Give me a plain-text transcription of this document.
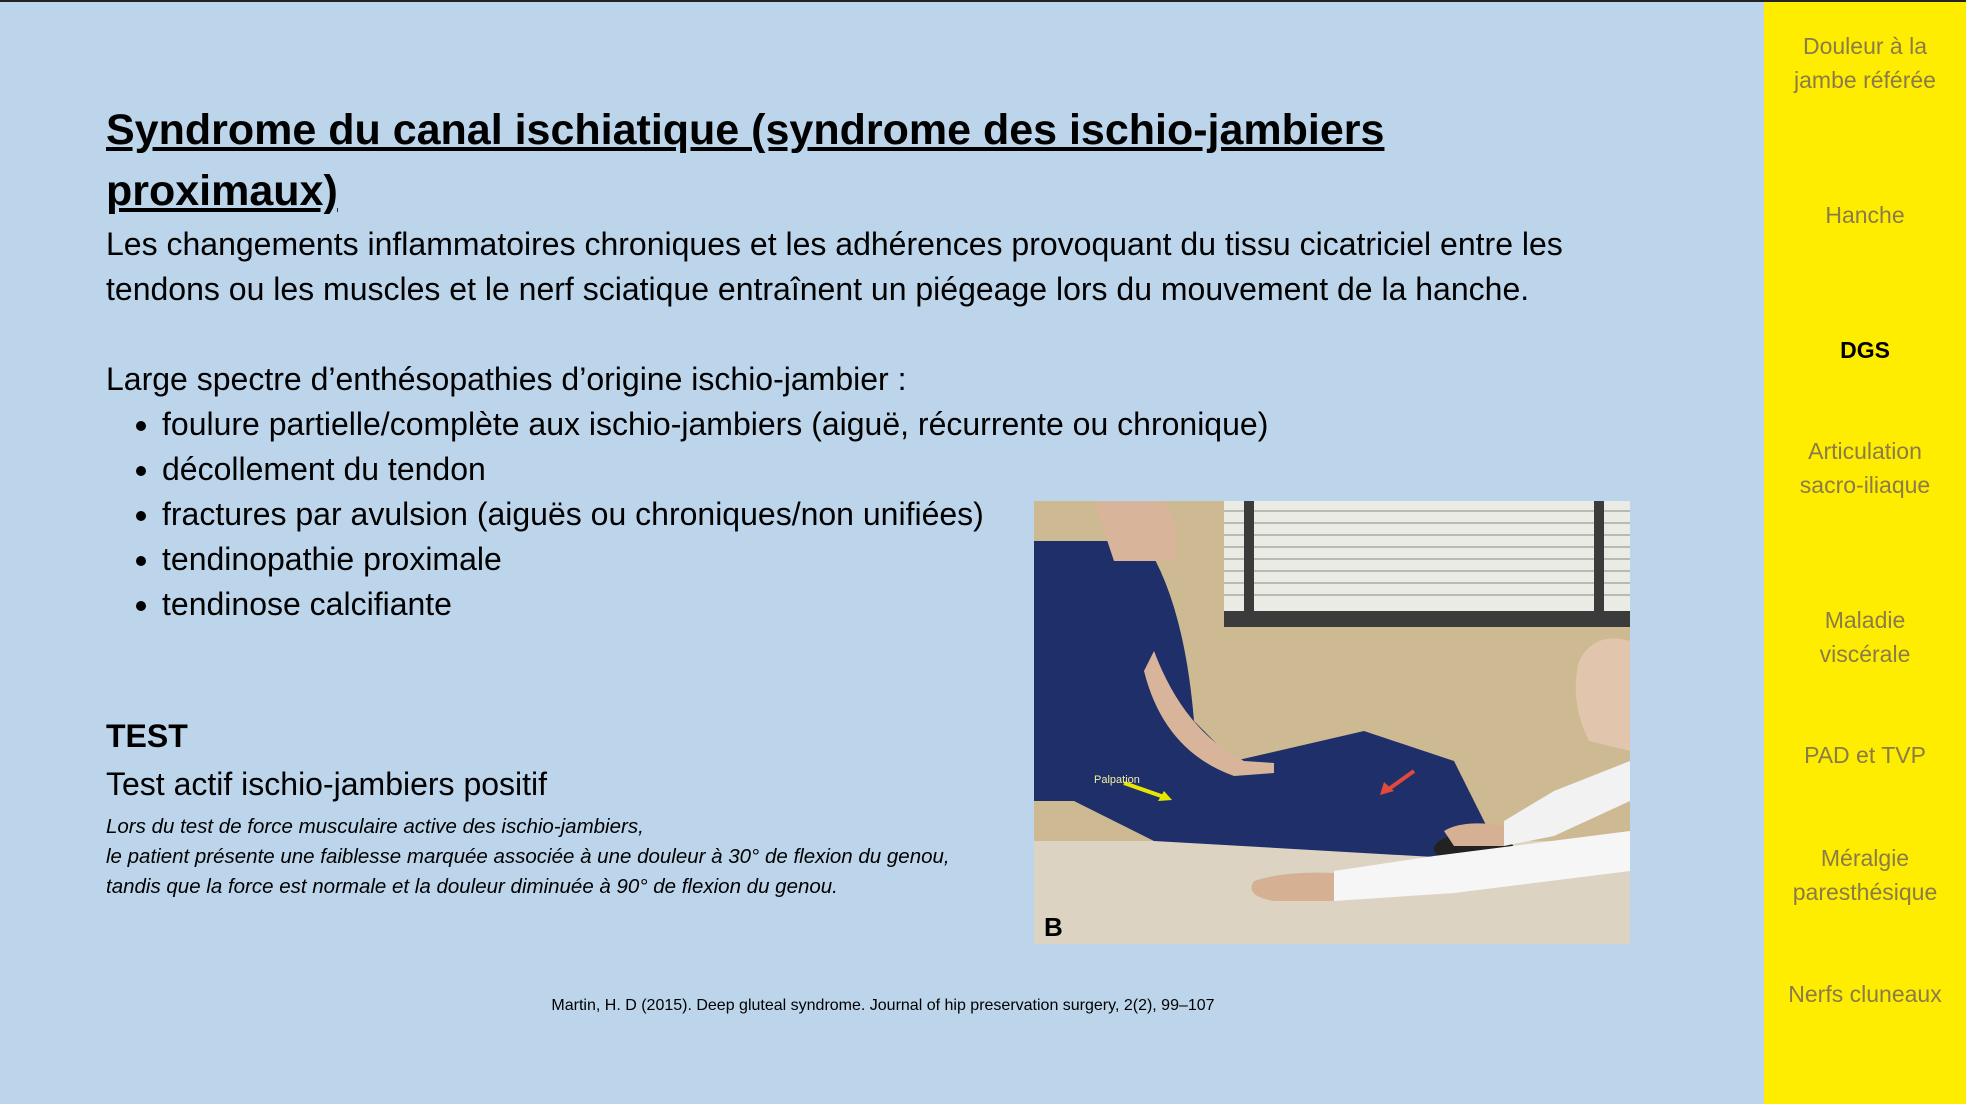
Syndrome du canal ischiatique (syndrome des ischio-jambiers proximaux)

Les changements inflammatoires chroniques et les adhérences provoquant du tissu cicatriciel entre les tendons ou les muscles et le nerf sciatique entraînent un piégeage lors du mouvement de la hanche.

Large spectre d’enthésopathies d’origine ischio-jambier :

• foulure partielle/complète aux ischio-jambiers (aiguë, récurrente ou chronique)
• décollement du tendon
• fractures par avulsion (aiguës ou chroniques/non unifiées)
• tendinopathie proximale
• tendinose calcifiante
TEST
Test actif ischio-jambiers positif
Lors du test de force musculaire active des ischio-jambiers,
le patient présente une faiblesse marquée associée à une douleur à 30° de flexion du genou,
tandis que la force est normale et la douleur diminuée à 90° de flexion du genou.
Palpation
B
Martin, H. D (2015). Deep gluteal syndrome. Journal of hip preservation surgery, 2(2), 99–107
Douleur à la
jambe référée
Hanche
DGS
Articulation
sacro-iliaque
Maladie
viscérale
PAD et TVP
Méralgie
paresthésique
Nerfs cluneaux
